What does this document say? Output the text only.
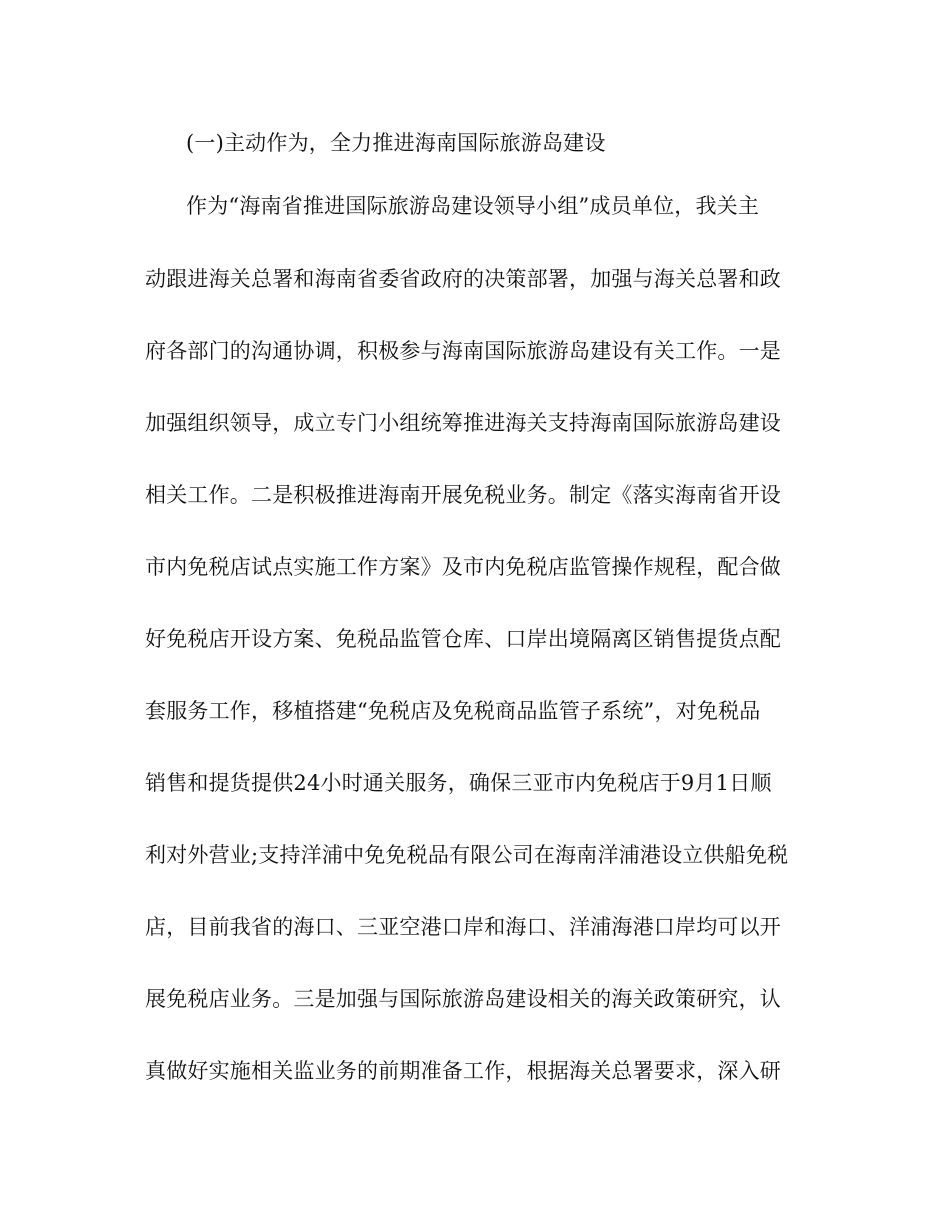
(一)主动作为，全力推进海南国际旅游岛建设
作为“海南省推进国际旅游岛建设领导小组”成员单位，我关主
动跟进海关总署和海南省委省政府的决策部署，加强与海关总署和政
府各部门的沟通协调，积极参与海南国际旅游岛建设有关工作。一是
加强组织领导，成立专门小组统筹推进海关支持海南国际旅游岛建设
相关工作。二是积极推进海南开展免税业务。制定《落实海南省开设
市内免税店试点实施工作方案》及市内免税店监管操作规程，配合做
好免税店开设方案、免税品监管仓库、口岸出境隔离区销售提货点配
套服务工作，移植搭建“免税店及免税商品监管子系统”，对免税品
销售和提货提供24小时通关服务，确保三亚市内免税店于9月1日顺
利对外营业;支持洋浦中免免税品有限公司在海南洋浦港设立供船免税
店，目前我省的海口、三亚空港口岸和海口、洋浦海港口岸均可以开
展免税店业务。三是加强与国际旅游岛建设相关的海关政策研究，认
真做好实施相关监业务的前期准备工作，根据海关总署要求，深入研
